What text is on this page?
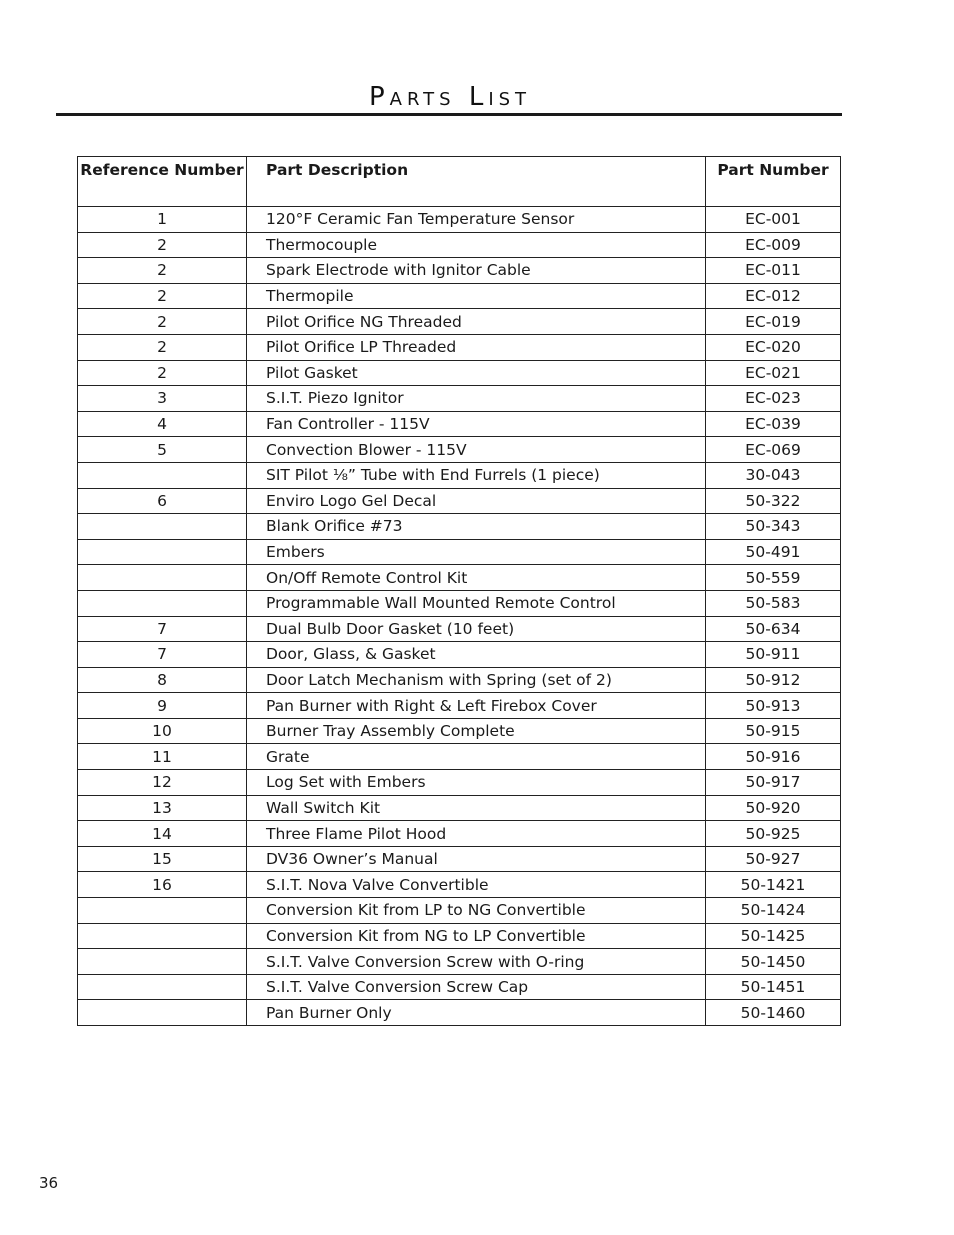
Parts List
Reference Number	Part Description	Part Number
1	120°F Ceramic Fan Temperature Sensor	EC-001
2	Thermocouple	EC-009
2	Spark Electrode with Ignitor Cable	EC-011
2	Thermopile	EC-012
2	Pilot Orifice NG Threaded	EC-019
2	Pilot Orifice LP Threaded	EC-020
2	Pilot Gasket	EC-021
3	S.I.T. Piezo Ignitor	EC-023
4	Fan Controller - 115V	EC-039
5	Convection Blower - 115V	EC-069
	SIT Pilot ⅛” Tube with End Furrels (1 piece)	30-043
6	Enviro Logo Gel Decal	50-322
	Blank Orifice #73	50-343
	Embers	50-491
	On/Off Remote Control Kit	50-559
	Programmable Wall Mounted Remote Control	50-583
7	Dual Bulb Door Gasket (10 feet)	50-634
7	Door, Glass, & Gasket	50-911
8	Door Latch Mechanism with Spring (set of 2)	50-912
9	Pan Burner with Right & Left Firebox Cover	50-913
10	Burner Tray Assembly Complete	50-915
11	Grate	50-916
12	Log Set with Embers	50-917
13	Wall Switch Kit	50-920
14	Three Flame Pilot Hood	50-925
15	DV36 Owner’s Manual	50-927
16	S.I.T. Nova Valve Convertible	50-1421
	Conversion Kit from LP to NG Convertible	50-1424
	Conversion Kit from NG to LP Convertible	50-1425
	S.I.T. Valve Conversion Screw with O-ring	50-1450
	S.I.T. Valve Conversion Screw Cap	50-1451
	Pan Burner Only	50-1460
36
